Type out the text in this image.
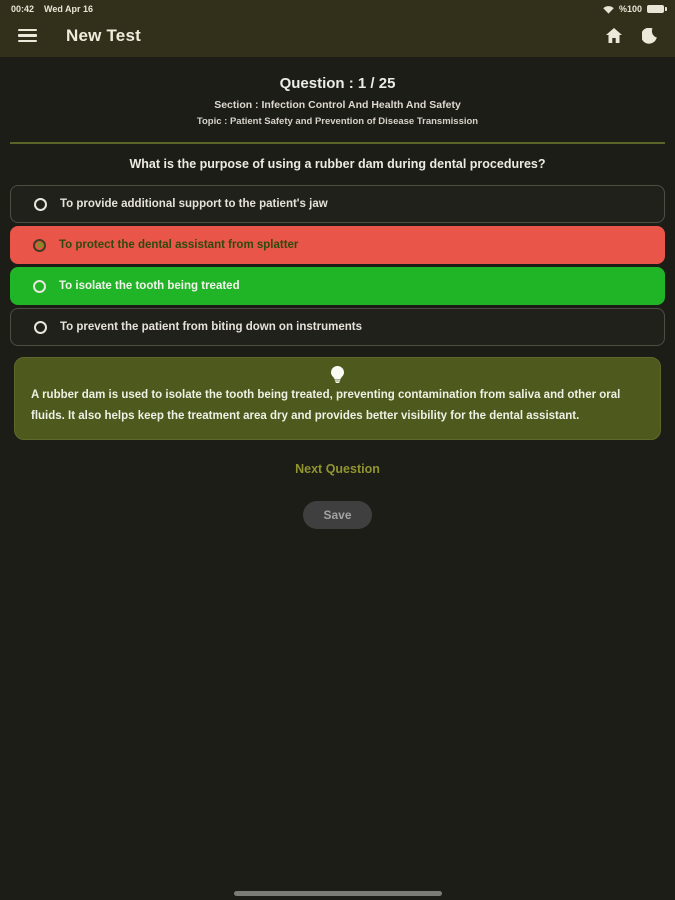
00:42 Wed Apr 16	%100
New Test
Question : 1 / 25
Section : Infection Control And Health And Safety
Topic : Patient Safety and Prevention of Disease Transmission
What is the purpose of using a rubber dam during dental procedures?
To provide additional support to the patient's jaw
To protect the dental assistant from splatter
To isolate the tooth being treated
To prevent the patient from biting down on instruments
A rubber dam is used to isolate the tooth being treated, preventing contamination from saliva and other oral fluids. It also helps keep the treatment area dry and provides better visibility for the dental assistant.
Next Question
Save
